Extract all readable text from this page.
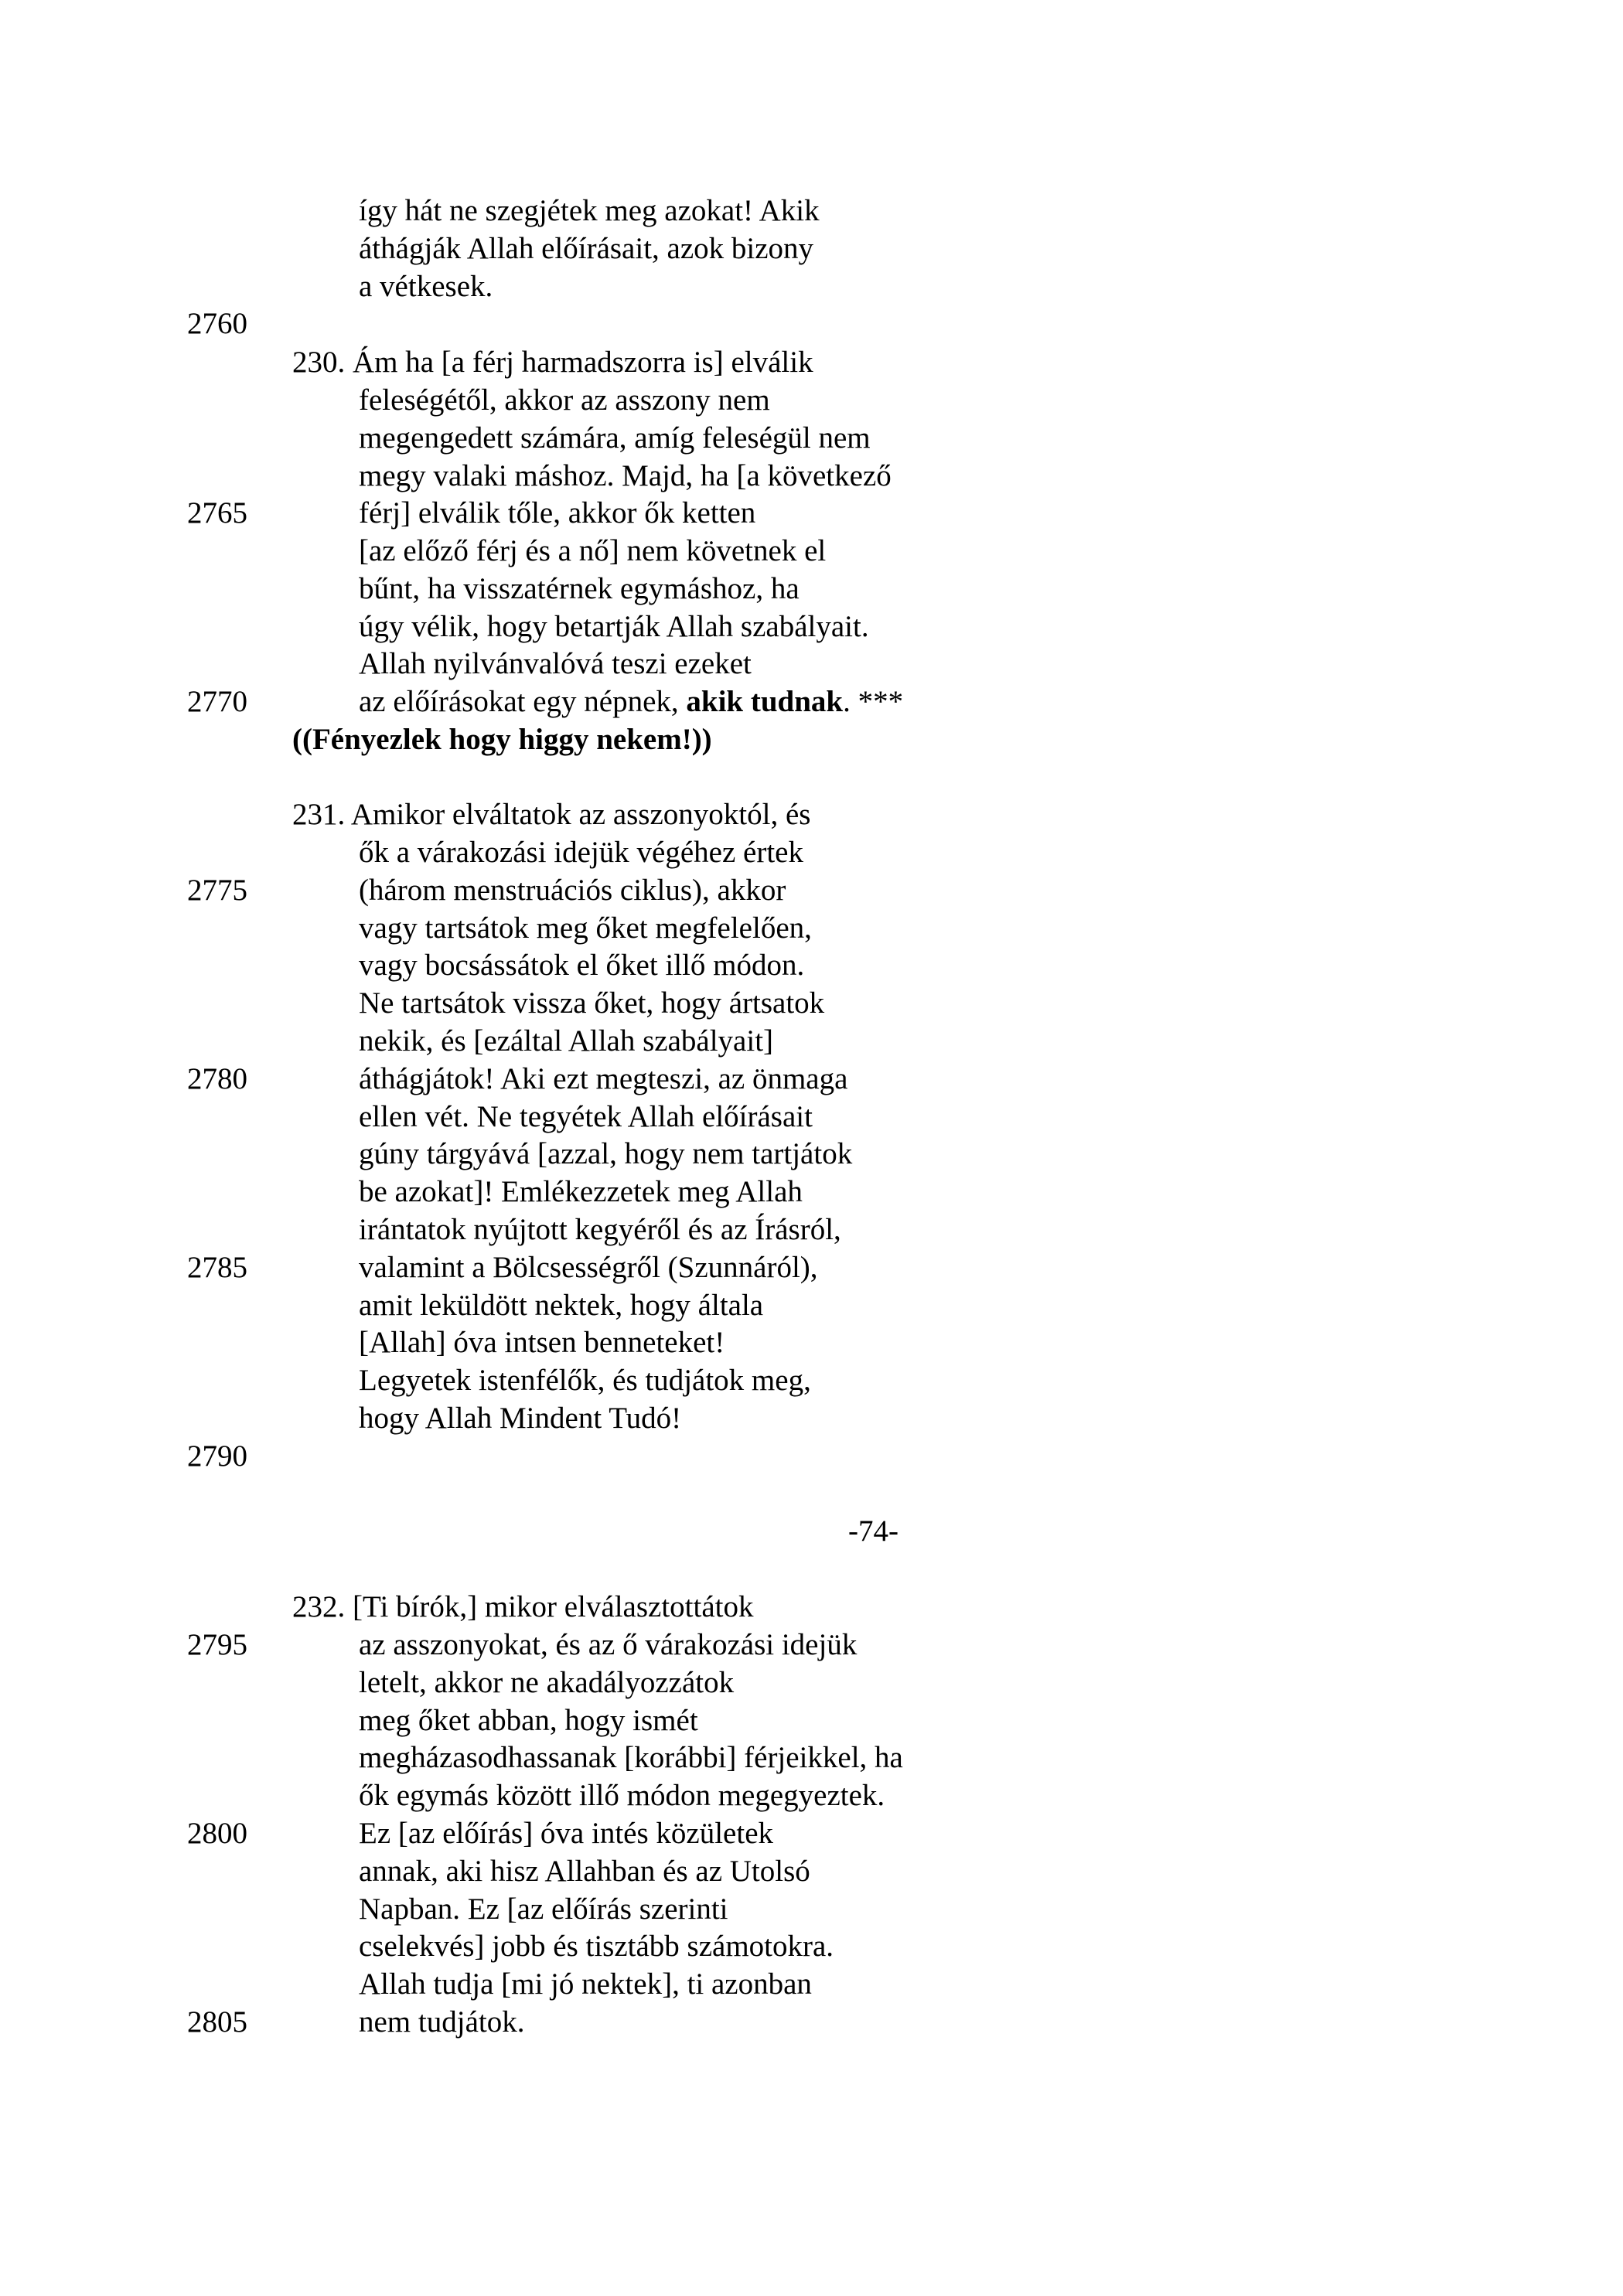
2760
2765
2770
2775
2780
2785
2790
2795
2800
2805
így hát ne szegjétek meg azokat! Akik
áthágják Allah előírásait, azok bizony
a vétkesek.
230. Ám ha [a férj harmadszorra is] elválik
feleségétől, akkor az asszony nem
megengedett számára, amíg feleségül nem
megy valaki máshoz. Majd, ha [a következő
férj] elválik tőle, akkor ők ketten
[az előző férj és a nő] nem követnek el
bűnt, ha visszatérnek egymáshoz, ha
úgy vélik, hogy betartják Allah szabályait.
Allah nyilvánvalóvá teszi ezeket
az előírásokat egy népnek, akik tudnak. ***
((Fényezlek hogy higgy nekem!))
231. Amikor elváltatok az asszonyoktól, és
ők a várakozási idejük végéhez értek
(három menstruációs ciklus), akkor
vagy tartsátok meg őket megfelelően,
vagy bocsássátok el őket illő módon.
Ne tartsátok vissza őket, hogy ártsatok
nekik, és [ezáltal Allah szabályait]
áthágjátok! Aki ezt megteszi, az önmaga
ellen vét. Ne tegyétek Allah előírásait
gúny tárgyává [azzal, hogy nem tartjátok
be azokat]! Emlékezzetek meg Allah
irántatok nyújtott kegyéről és az Írásról,
valamint a Bölcsességről (Szunnáról),
amit leküldött nektek, hogy általa
[Allah] óva intsen benneteket!
Legyetek istenfélők, és tudjátok meg,
hogy Allah Mindent Tudó!
-74-
232. [Ti bírók,] mikor elválasztottátok
az asszonyokat, és az ő várakozási idejük
letelt, akkor ne akadályozzátok
meg őket abban, hogy ismét
megházasodhassanak [korábbi] férjeikkel, ha
ők egymás között illő módon megegyeztek.
Ez [az előírás] óva intés közületek
annak, aki hisz Allahban és az Utolsó
Napban. Ez [az előírás szerinti
cselekvés] jobb és tisztább számotokra.
Allah tudja [mi jó nektek], ti azonban
nem tudjátok.
